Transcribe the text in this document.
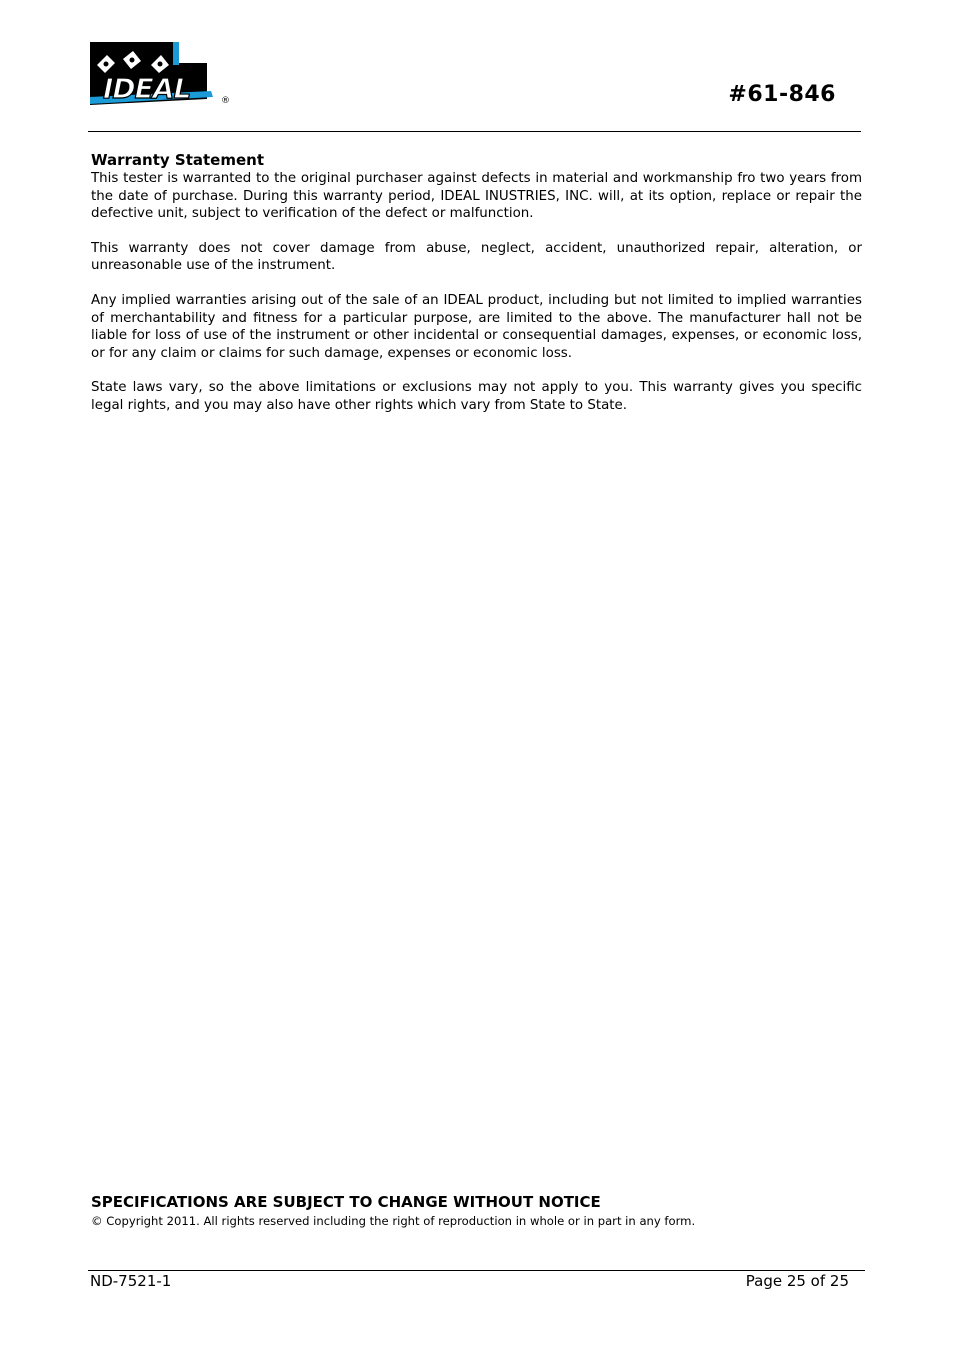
IDEAL	®	#61-846
Warranty Statement

This tester is warranted to the original purchaser against defects in material and workmanship fro two years from the date of purchase. During this warranty period, IDEAL INUSTRIES, INC. will, at its option, replace or repair the defective unit, subject to verification of the defect or malfunction.

This warranty does not cover damage from abuse, neglect, accident, unauthorized repair, alteration, or unreasonable use of the instrument.

Any implied warranties arising out of the sale of an IDEAL product, including but not limited to implied warranties of merchantability and fitness for a particular purpose, are limited to the above. The manufacturer hall not be liable for loss of use of the instrument or other incidental or consequential damages, expenses, or economic loss, or for any claim or claims for such damage, expenses or economic loss.

State laws vary, so the above limitations or exclusions may not apply to you. This warranty gives you specific legal rights, and you may also have other rights which vary from State to State.

SPECIFICATIONS ARE SUBJECT TO CHANGE WITHOUT NOTICE
© Copyright 2011. All rights reserved including the right of reproduction in whole or in part in any form.
ND-7521-1	Page 25 of 25
